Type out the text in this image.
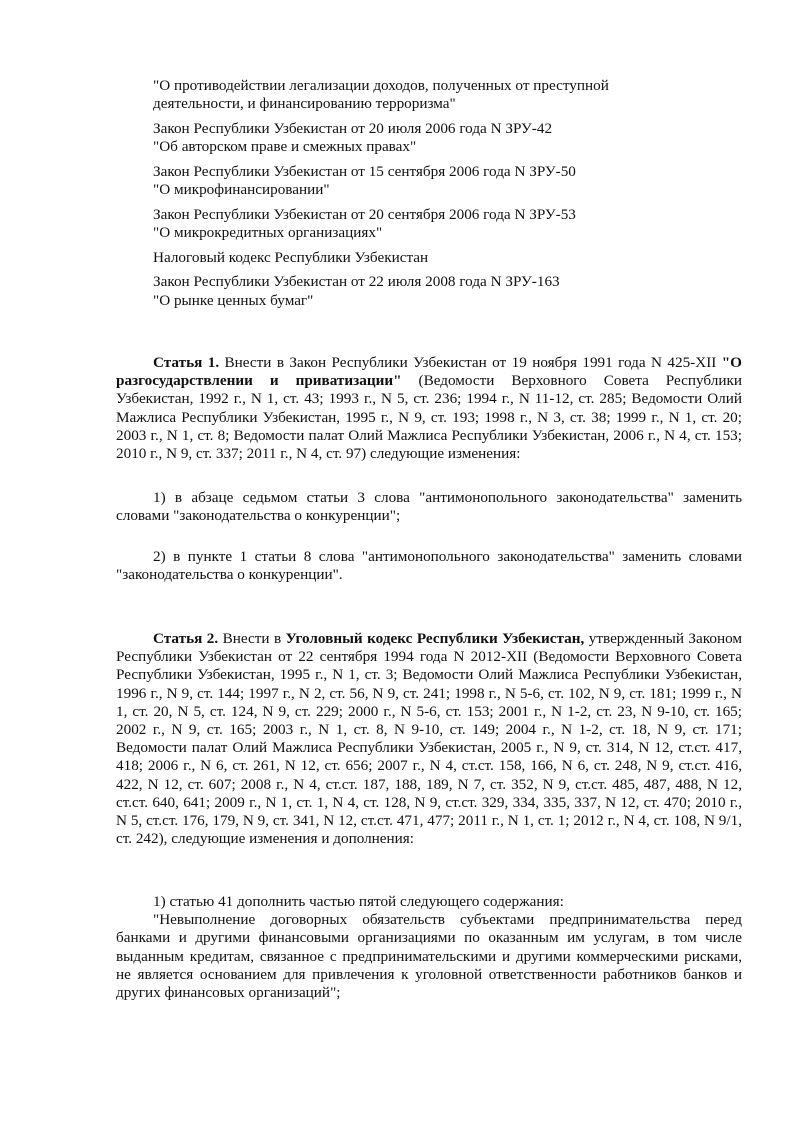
"О противодействии легализации доходов, полученных от преступной
деятельности, и финансированию терроризма"
Закон Республики Узбекистан от 20 июля 2006 года N ЗРУ-42
"Об авторском праве и смежных правах"
Закон Республики Узбекистан от 15 сентября 2006 года N ЗРУ-50
"О микрофинансировании"
Закон Республики Узбекистан от 20 сентября 2006 года N ЗРУ-53
"О микрокредитных организациях"
Налоговый кодекс Республики Узбекистан
Закон Республики Узбекистан от 22 июля 2008 года N ЗРУ-163
"О рынке ценных бумаг"

Статья 1. Внести в Закон Республики Узбекистан от 19 ноября 1991 года N 425-XII "О разгосударствлении и приватизации" (Ведомости Верховного Совета Республики Узбекистан, 1992 г., N 1, ст. 43; 1993 г., N 5, ст. 236; 1994 г., N 11-12, ст. 285; Ведомости Олий Мажлиса Республики Узбекистан, 1995 г., N 9, ст. 193; 1998 г., N 3, ст. 38; 1999 г., N 1, ст. 20; 2003 г., N 1, ст. 8; Ведомости палат Олий Мажлиса Республики Узбекистан, 2006 г., N 4, ст. 153; 2010 г., N 9, ст. 337; 2011 г., N 4, ст. 97) следующие изменения:

1) в абзаце седьмом статьи 3 слова "антимонопольного законодательства" заменить словами "законодательства о конкуренции";

2) в пункте 1 статьи 8 слова "антимонопольного законодательства" заменить словами "законодательства о конкуренции".

Статья 2. Внести в Уголовный кодекс Республики Узбекистан, утвержденный Законом Республики Узбекистан от 22 сентября 1994 года N 2012-XII (Ведомости Верховного Совета Республики Узбекистан, 1995 г., N 1, ст. 3; Ведомости Олий Мажлиса Республики Узбекистан, 1996 г., N 9, ст. 144; 1997 г., N 2, ст. 56, N 9, ст. 241; 1998 г., N 5-6, ст. 102, N 9, ст. 181; 1999 г., N 1, ст. 20, N 5, ст. 124, N 9, ст. 229; 2000 г., N 5-6, ст. 153; 2001 г., N 1-2, ст. 23, N 9-10, ст. 165; 2002 г., N 9, ст. 165; 2003 г., N 1, ст. 8, N 9-10, ст. 149; 2004 г., N 1-2, ст. 18, N 9, ст. 171; Ведомости палат Олий Мажлиса Республики Узбекистан, 2005 г., N 9, ст. 314, N 12, ст.ст. 417, 418; 2006 г., N 6, ст. 261, N 12, ст. 656; 2007 г., N 4, ст.ст. 158, 166, N 6, ст. 248, N 9, ст.ст. 416, 422, N 12, ст. 607; 2008 г., N 4, ст.ст. 187, 188, 189, N 7, ст. 352, N 9, ст.ст. 485, 487, 488, N 12, ст.ст. 640, 641; 2009 г., N 1, ст. 1, N 4, ст. 128, N 9, ст.ст. 329, 334, 335, 337, N 12, ст. 470; 2010 г., N 5, ст.ст. 176, 179, N 9, ст. 341, N 12, ст.ст. 471, 477; 2011 г., N 1, ст. 1; 2012 г., N 4, ст. 108, N 9/1, ст. 242), следующие изменения и дополнения:

1) статью 41 дополнить частью пятой следующего содержания:

"Невыполнение договорных обязательств субъектами предпринимательства перед банками и другими финансовыми организациями по оказанным им услугам, в том числе выданным кредитам, связанное с предпринимательскими и другими коммерческими рисками, не является основанием для привлечения к уголовной ответственности работников банков и других финансовых организаций";
